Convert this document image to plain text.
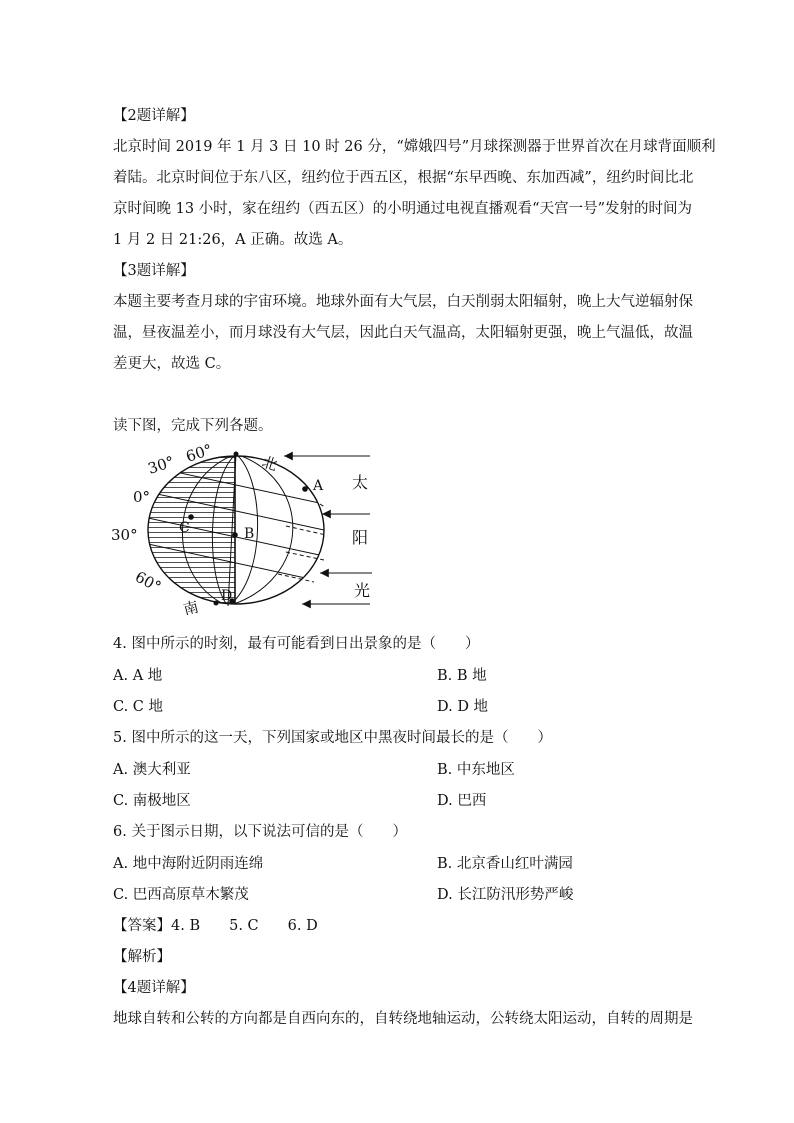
【2题详解】
北京时间 2019 年 1 月 3 日 10 时 26 分，“嫦娥四号”月球探测器于世界首次在月球背面顺利
着陆。北京时间位于东八区，纽约位于西五区，根据“东早西晚、东加西减”，纽约时间比北
京时间晚 13 小时，家在纽约（西五区）的小明通过电视直播观看“天宫一号”发射的时间为
1 月 2 日 21:26，A 正确。故选 A。
【3题详解】
本题主要考查月球的宇宙环境。地球外面有大气层，白天削弱太阳辐射，晚上大气逆辐射保
温，昼夜温差小，而月球没有大气层，因此白天气温高，太阳辐射更强，晚上气温低，故温
差更大，故选 C。
读下图，完成下列各题。
A
B
C
D
60°
30°
0°
30°
60°
北
南
太
阳
光
4. 图中所示的时刻，最有可能看到日出景象的是（　　）
A. A 地	B. B 地
C. C 地	D. D 地
5. 图中所示的这一天，下列国家或地区中黑夜时间最长的是（　　）
A. 澳大利亚	B. 中东地区
C. 南极地区	D. 巴西
6. 关于图示日期，以下说法可信的是（　　）
A. 地中海附近阴雨连绵	B. 北京香山红叶满园
C. 巴西高原草木繁茂	D. 长江防汛形势严峻
【答案】4. B　　5. C　　6. D
【解析】
【4题详解】
地球自转和公转的方向都是自西向东的，自转绕地轴运动，公转绕太阳运动，自转的周期是
